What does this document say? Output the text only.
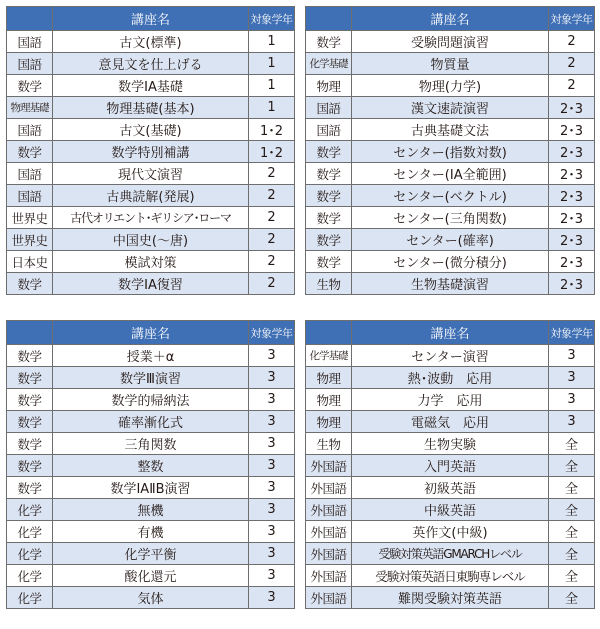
	講座名	対象学年
国語	古文(標準)	1
国語	意見文を仕上げる	1
数学	数学ⅠA基礎	1
物理基礎	物理基礎(基本)	1
国語	古文(基礎)	1･2
数学	数学特別補講	1･2
国語	現代文演習	2
国語	古典読解(発展)	2
世界史	古代オリエント･ギリシア･ローマ	2
世界史	中国史(〜唐)	2
日本史	模試対策	2
数学	数学ⅠA復習	2
	講座名	対象学年
数学	受験問題演習	2
化学基礎	物質量	2
物理	物理(力学)	2
国語	漢文速読演習	2･3
国語	古典基礎文法	2･3
数学	センター(指数対数)	2･3
数学	センター(ⅠA全範囲)	2･3
数学	センター(ベクトル)	2･3
数学	センター(三角関数)	2･3
数学	センター(確率)	2･3
数学	センター(微分積分)	2･3
生物	生物基礎演習	2･3
	講座名	対象学年
数学	授業＋α	3
数学	数学Ⅲ演習	3
数学	数学的帰納法	3
数学	確率漸化式	3
数学	三角関数	3
数学	整数	3
数学	数学ⅠAⅡB演習	3
化学	無機	3
化学	有機	3
化学	化学平衡	3
化学	酸化還元	3
化学	気体	3
	講座名	対象学年
化学基礎	センター演習	3
物理	熱･波動　応用	3
物理	力学　応用	3
物理	電磁気　応用	3
生物	生物実験	全
外国語	入門英語	全
外国語	初級英語	全
外国語	中級英語	全
外国語	英作文(中級)	全
外国語	受験対策英語GMARCHレベル	全
外国語	受験対策英語日東駒専レベル	全
外国語	難関受験対策英語	全
